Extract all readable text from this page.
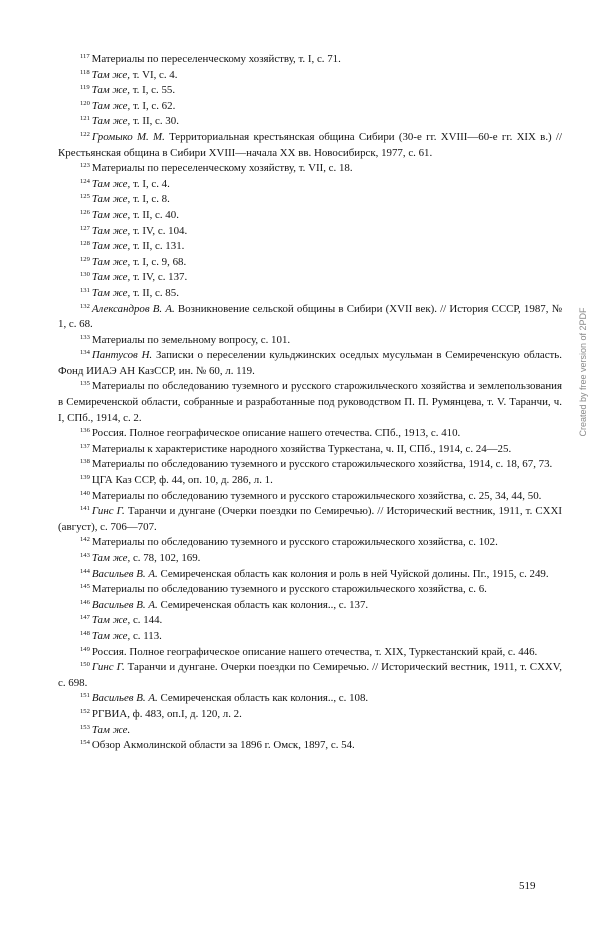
$^{117}$ Материалы по переселенческому хозяйству, т. I, с. 71.

$^{118}$ Там же, т. VI, с. 4.

$^{119}$ Там же, т. I, с. 55.

$^{120}$ Там же, т. I, с. 62.

$^{121}$ Там же, т. II, с. 30.

$^{122}$ Громыко М. М. Территориальная крестьянская община Сибири (30-е гг. XVIII—60-е гг. XIX в.) // Крестьянская община в Сибири XVIII—начала XX вв. Новосибирск, 1977, с. 61.

$^{123}$ Материалы по переселенческому хозяйству, т. VII, с. 18.

$^{124}$ Там же, т. I, с. 4.

$^{125}$ Там же, т. I, с. 8.

$^{126}$ Там же, т. II, с. 40.

$^{127}$ Там же, т. IV, с. 104.

$^{128}$ Там же, т. II, с. 131.

$^{129}$ Там же, т. I, с. 9, 68.

$^{130}$ Там же, т. IV, с. 137.

$^{131}$ Там же, т. II, с. 85.

$^{132}$ Александров В. А. Возникновение сельской общины в Сибири (XVII век). // История СССР, 1987, № 1, с. 68.

$^{133}$ Материалы по земельному вопросу, с. 101.

$^{134}$ Пантусов Н. Записки о переселении кульджинских оседлых мусульман в Семиреченскую область. Фонд ИИАЭ АН КазССР, ин. № 60, л. 119.

$^{135}$ Материалы по обследованию туземного и русского старожильческого хозяйства и землепользования в Семиреченской области, собранные и разработанные под руководством П. П. Румянцева, т. V. Таранчи, ч. I, СПб., 1914, с. 2.

$^{136}$ Россия. Полное географическое описание нашего отечества. СПб., 1913, с. 410.

$^{137}$ Материалы к характеристике народного хозяйства Туркестана, ч. II, СПб., 1914, с. 24—25.

$^{138}$ Материалы по обследованию туземного и русского старожильческого хозяйства, 1914, с. 18, 67, 73.

$^{139}$ ЦГА Каз ССР, ф. 44, оп. 10, д. 286, л. 1.

$^{140}$ Материалы по обследованию туземного и русского старожильческого хозяйства, с. 25, 34, 44, 50.

$^{141}$ Гинс Г. Таранчи и дунгане (Очерки поездки по Семиречью). // Исторический вестник, 1911, т. CXXI (август), с. 706—707.

$^{142}$ Материалы по обследованию туземного и русского старожильческого хозяйства, с. 102.

$^{143}$ Там же, с. 78, 102, 169.

$^{144}$ Васильев В. А. Семиреченская область как колония и роль в ней Чуйской долины. Пг., 1915, с. 249.

$^{145}$ Материалы по обследованию туземного и русского старожильческого хозяйства, с. 6.

$^{146}$ Васильев В. А. Семиреченская область как колония.., с. 137.

$^{147}$ Там же, с. 144.

$^{148}$ Там же, с. 113.

$^{149}$ Россия. Полное географическое описание нашего отечества, т. XIX, Туркестанский край, с. 446.

$^{150}$ Гинс Г. Таранчи и дунгане. Очерки поездки по Семиречью. // Исторический вестник, 1911, т. CXXV, с. 698.

$^{151}$ Васильев В. А. Семиреченская область как колония.., с. 108.

$^{152}$ РГВИА, ф. 483, оп.I, д. 120, л. 2.

$^{153}$ Там же.

$^{154}$ Обзор Акмолинской области за 1896 г. Омск, 1897, с. 54.

Created by free version of 2PDF
519
